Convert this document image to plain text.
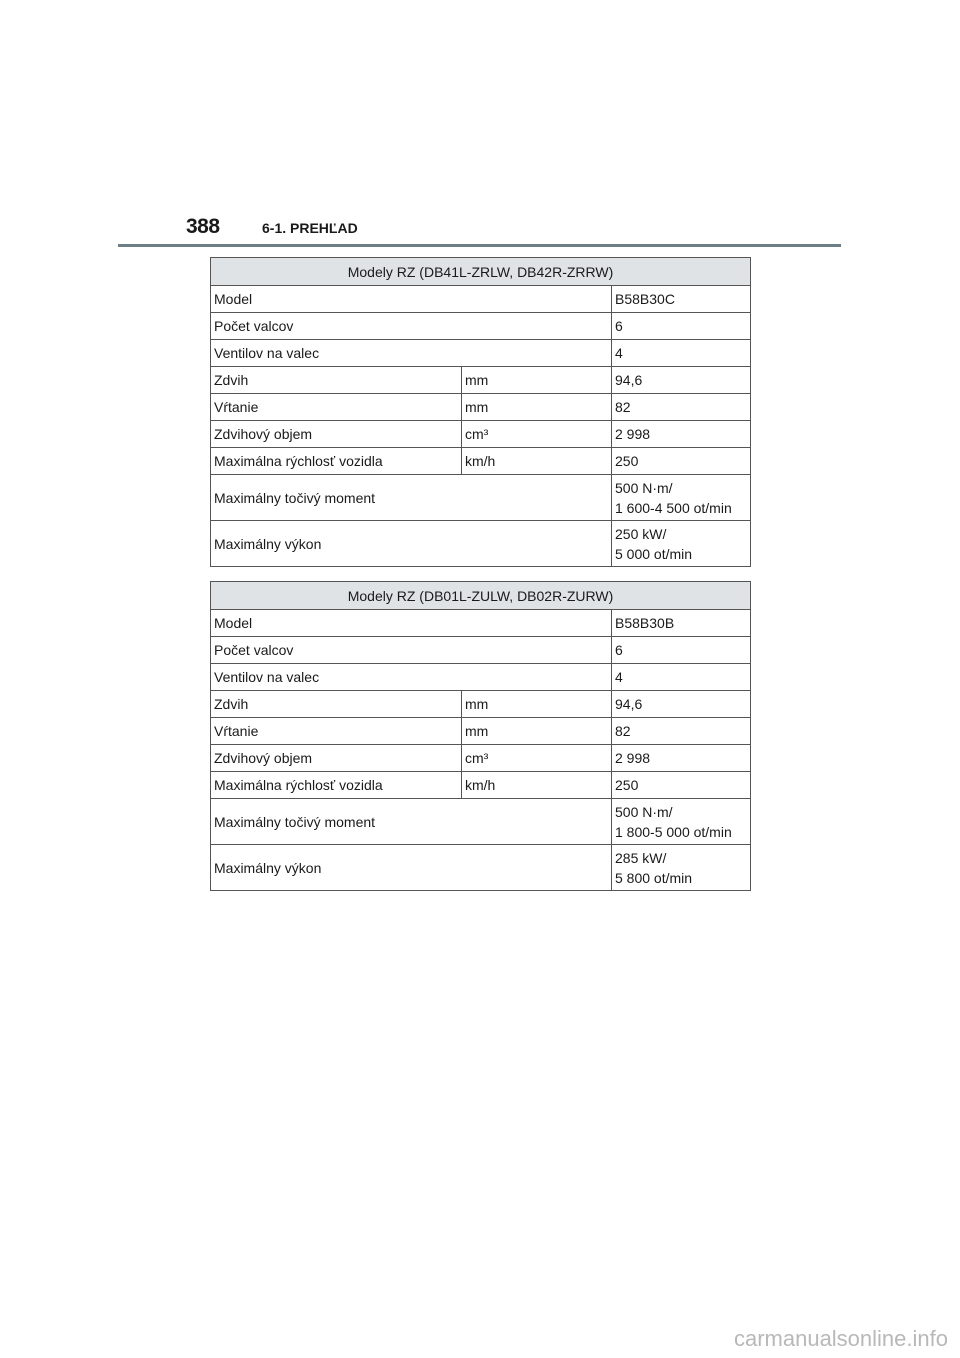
388	6-1. PREHĽAD
Modely RZ (DB41L-ZRLW, DB42R-ZRRW)		
Model		B58B30C
Počet valcov		6
Ventilov na valec		4
Zdvih	mm	94,6
Vŕtanie	mm	82
Zdvihový objem	cm³	2 998
Maximálna rýchlosť vozidla	km/h	250
Maximálny točivý moment		500 N·m/
1 600-4 500 ot/min

Maximálny výkon		250 kW/
5 000 ot/min
Modely RZ (DB01L-ZULW, DB02R-ZURW)		
Model		B58B30B
Počet valcov		6
Ventilov na valec		4
Zdvih	mm	94,6
Vŕtanie	mm	82
Zdvihový objem	cm³	2 998
Maximálna rýchlosť vozidla	km/h	250
Maximálny točivý moment		500 N·m/
1 800-5 000 ot/min

Maximálny výkon		285 kW/
5 800 ot/min
carmanualsonline.info
